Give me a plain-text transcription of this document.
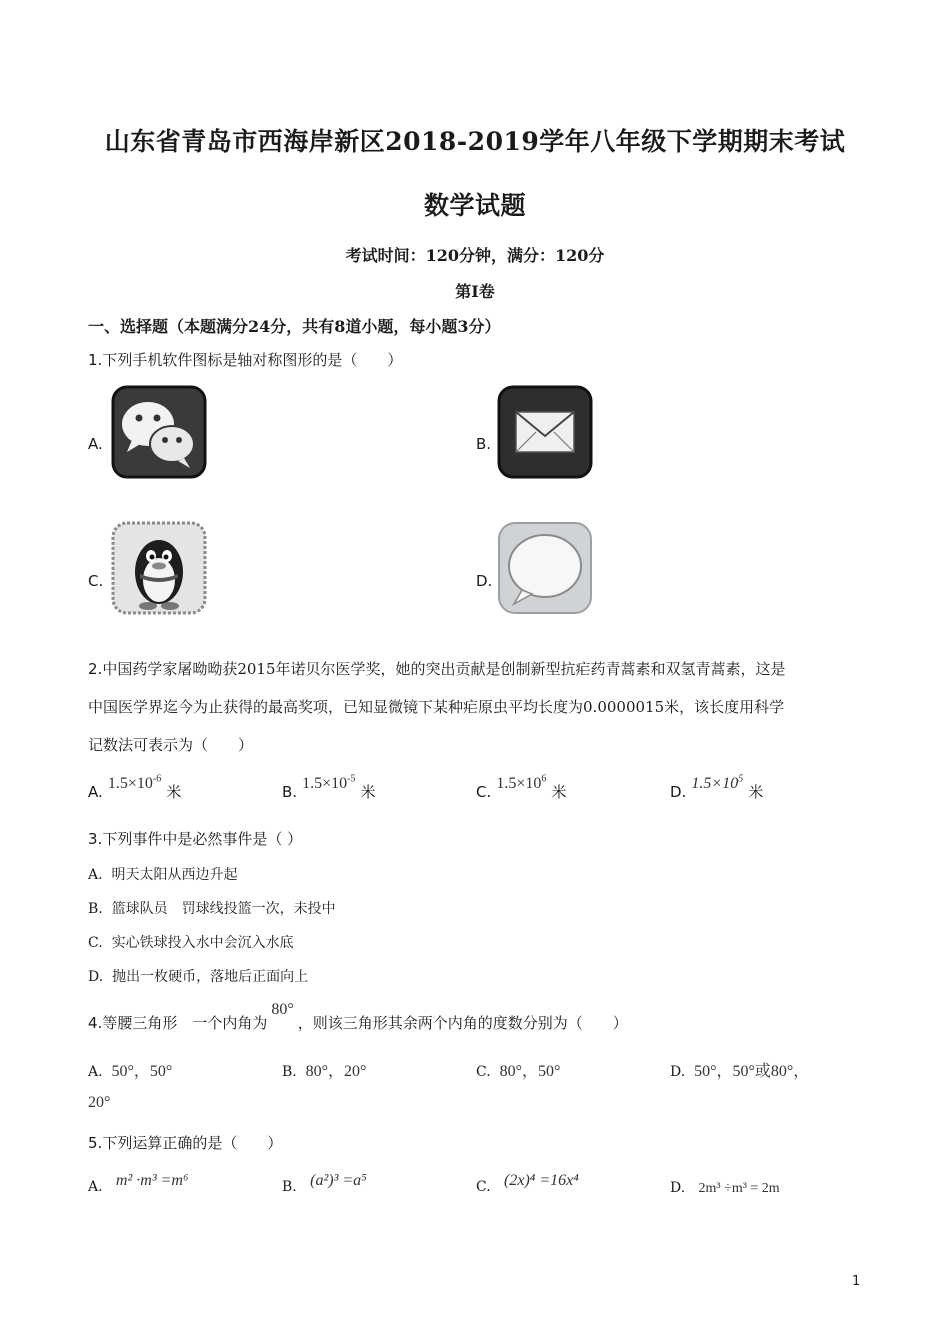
山东省青岛市西海岸新区2018-2019学年八年级下学期期末考试
数学试题
考试时间：120分钟，满分：120分
第Ⅰ卷
一、选择题（本题满分24分，共有8道小题，每小题3分）
1.下列手机软件图标是轴对称图形的是（　　）
A.	B.
C.	D.
2.中国药学家屠呦呦获2015年诺贝尔医学奖，她的突出贡献是创制新型抗疟药青蒿素和双氢青蒿素，这是
中国医学界迄今为止获得的最高奖项，已知显微镜下某种疟原虫平均长度为0.0000015米，该长度用科学
记数法可表示为（　　）
A. $1.5\times 10^{-6}$ 米	B. $1.5\times 10^{-5}$ 米	C. $1.5\times 10^6$ 米	D. $1.5\times 10^5$ 米
3.下列事件中是必然事件是（ ）
A. 明天太阳从西边升起
B. 篮球队员　罚球线投篮一次，未投中
C. 实心铁球投入水中会沉入水底
D. 抛出一枚硬币，落地后正面向上
4.等腰三角形　一个内角为80°，则该三角形其余两个内角的度数分别为（　　）
A. 50°，50°	B. 80°，20°	C. 80°，50°	D. 50°，50°或80°，
20°
5.下列运算正确的是（　　）
A. m² ·m³ =m⁶	B. (a²)³ =a⁵	C. (2x)⁴ =16x⁴	D. 2m³ ÷m³ = 2m
1
